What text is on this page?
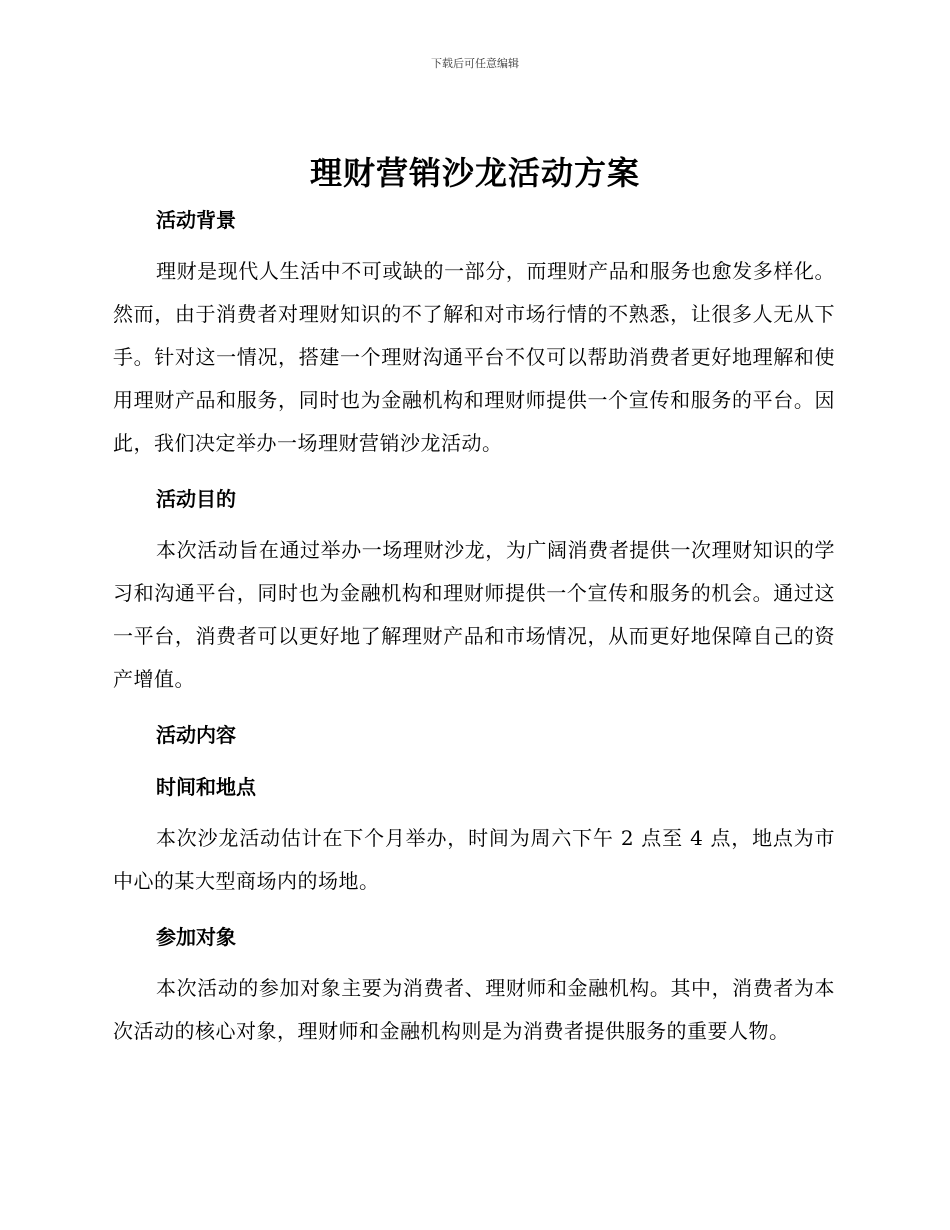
下载后可任意编辑
理财营销沙龙活动方案
活动背景

理财是现代人生活中不可或缺的一部分，而理财产品和服务也愈发多样化。然而，由于消费者对理财知识的不了解和对市场行情的不熟悉，让很多人无从下手。针对这一情况，搭建一个理财沟通平台不仅可以帮助消费者更好地理解和使用理财产品和服务，同时也为金融机构和理财师提供一个宣传和服务的平台。因此，我们决定举办一场理财营销沙龙活动。

活动目的

本次活动旨在通过举办一场理财沙龙，为广阔消费者提供一次理财知识的学习和沟通平台，同时也为金融机构和理财师提供一个宣传和服务的机会。通过这一平台，消费者可以更好地了解理财产品和市场情况，从而更好地保障自己的资产增值。

活动内容
时间和地点

本次沙龙活动估计在下个月举办，时间为周六下午 2 点至 4 点，地点为市中心的某大型商场内的场地。

参加对象

本次活动的参加对象主要为消费者、理财师和金融机构。其中，消费者为本次活动的核心对象，理财师和金融机构则是为消费者提供服务的重要人物。
